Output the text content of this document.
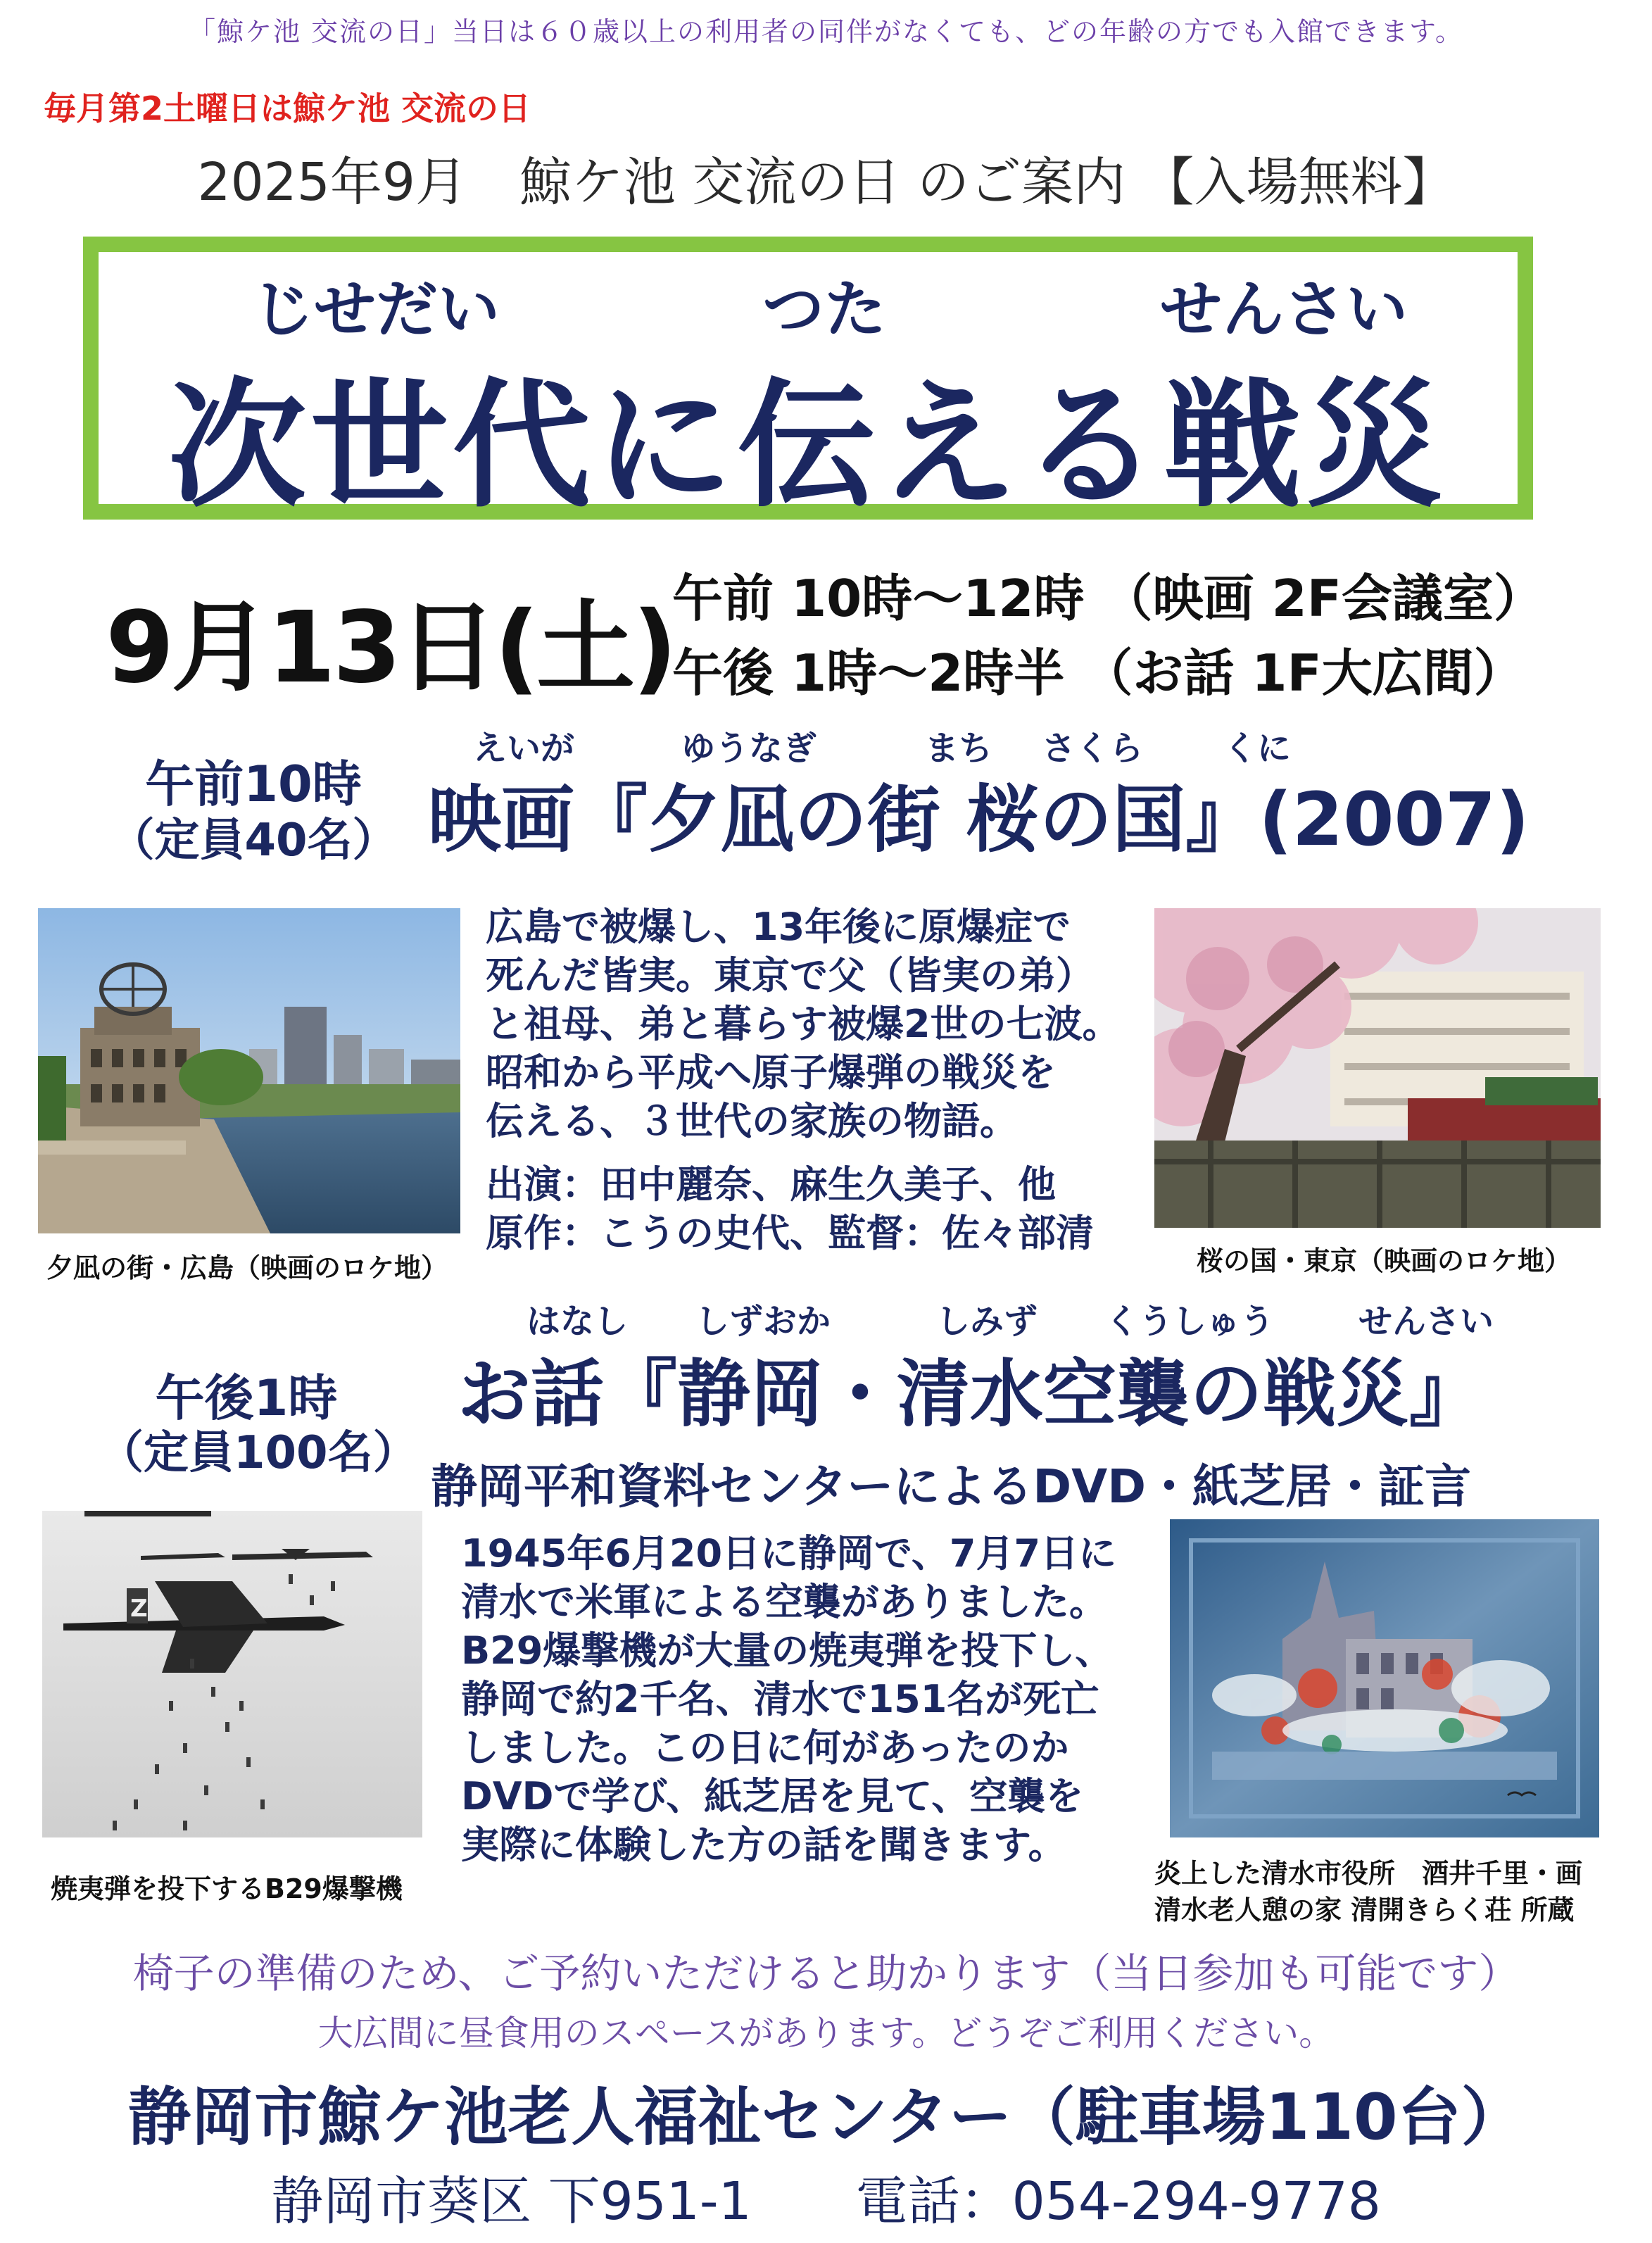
「鯨ケ池 交流の日」当日は６０歳以上の利用者の同伴がなくても、どの年齢の方でも入館できます。
毎月第2土曜日は鯨ケ池 交流の日
2025年9月　鯨ケ池 交流の日 のご案内 【入場無料】
じせだい	つた	せんさい
次世代に伝える戦災
9月13日(土)
午前 10時～12時 （映画 2F会議室）
午後 1時～2時半 （お話 1F大広間）
午前10時
（定員40名）
えいが	ゆうなぎ	まち さくら くに
映画『夕凪の街 桜の国』(2007)
夕凪の街・広島（映画のロケ地）
広島で被爆し、13年後に原爆症で
死んだ皆実。東京で父（皆実の弟）
と祖母、弟と暮らす被爆2世の七波。
昭和から平成へ原子爆弾の戦災を
伝える、３世代の家族の物語。
出演：田中麗奈、麻生久美子、他
原作：こうの史代、監督：佐々部清
桜の国・東京（映画のロケ地）
午後1時
（定員100名）
はなし しずおか	しみず くうしゅう せんさい
お話『静岡・清水空襲の戦災』
静岡平和資料センターによるDVD・紙芝居・証言
Z
焼夷弾を投下するB29爆撃機
1945年6月20日に静岡で、7月7日に
清水で米軍による空襲がありました。
B29爆撃機が大量の焼夷弾を投下し、
静岡で約2千名、清水で151名が死亡
しました。この日に何があったのか
DVDで学び、紙芝居を見て、空襲を
実際に体験した方の話を聞きます。
炎上した清水市役所　酒井千里・画
清水老人憩の家 清開きらく荘 所蔵
椅子の準備のため、ご予約いただけると助かります（当日参加も可能です）
大広間に昼食用のスペースがあります。どうぞご利用ください。
静岡市鯨ケ池老人福祉センター（駐車場110台）
静岡市葵区 下951-1　　電話：054-294-9778
